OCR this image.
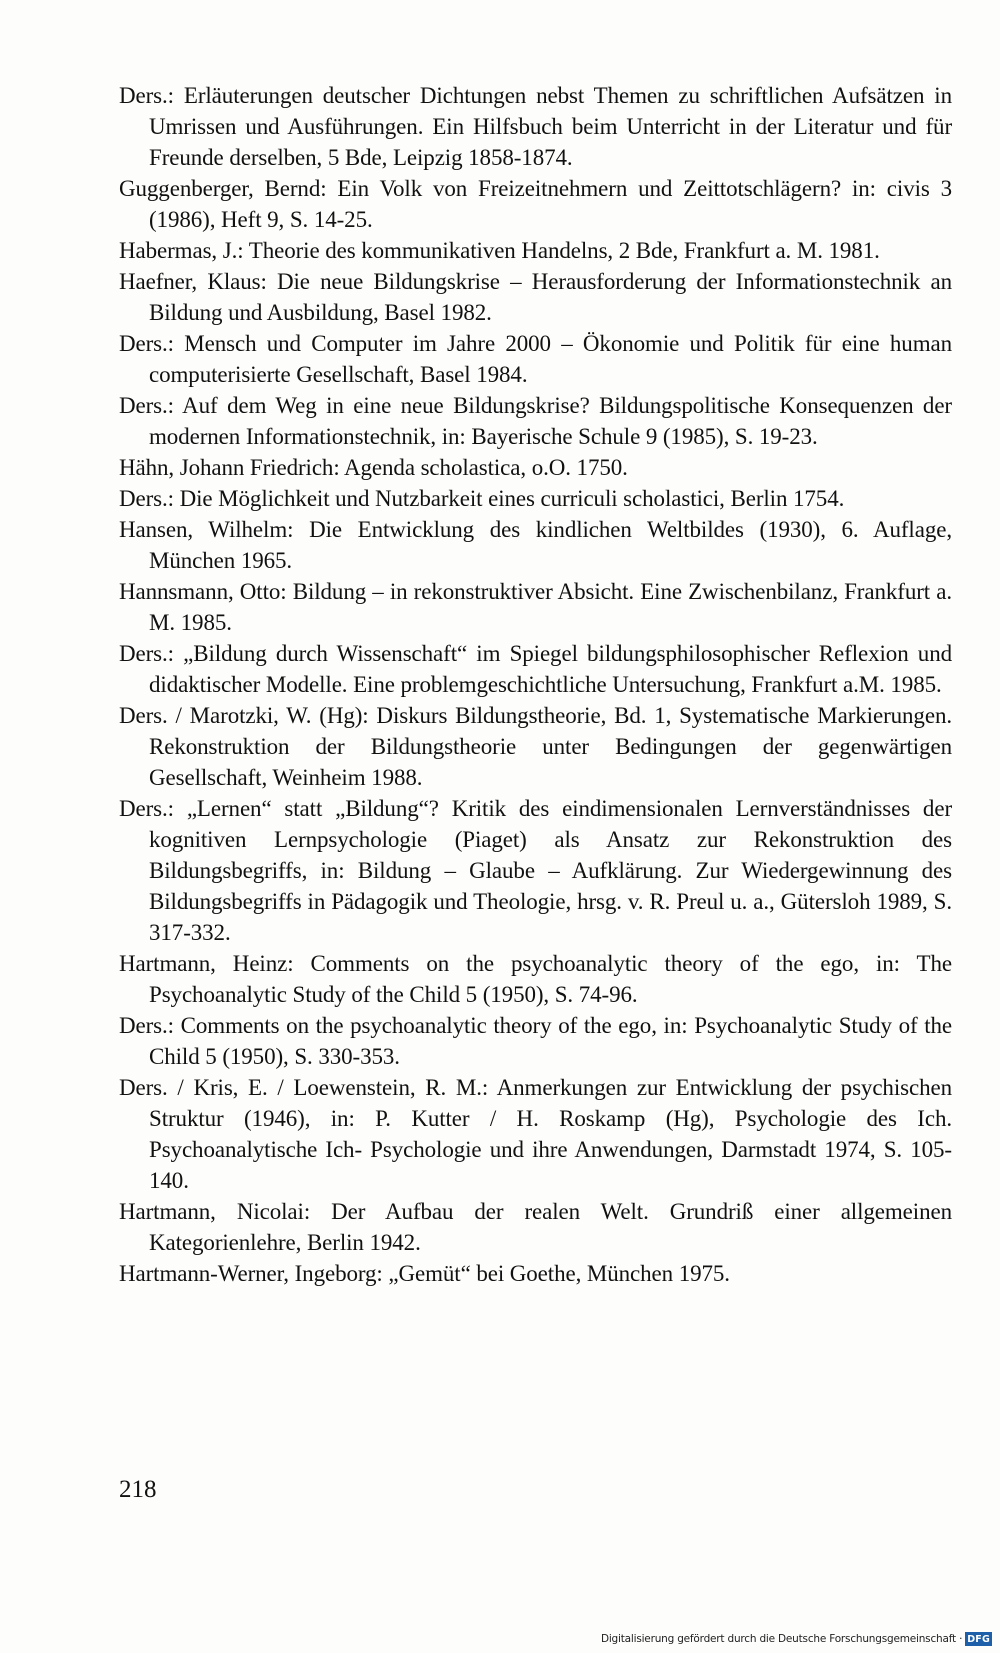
Ders.: Erläuterungen deutscher Dichtungen nebst Themen zu schriftlichen Aufsätzen in Umrissen und Ausführungen. Ein Hilfsbuch beim Unterricht in der Literatur und für Freunde derselben, 5 Bde, Leipzig 1858-1874.
Guggenberger, Bernd: Ein Volk von Freizeitnehmern und Zeittotschlägern? in: civis 3 (1986), Heft 9, S. 14-25.
Habermas, J.: Theorie des kommunikativen Handelns, 2 Bde, Frankfurt a. M. 1981.
Haefner, Klaus: Die neue Bildungskrise – Herausforderung der Informationstechnik an Bildung und Ausbildung, Basel 1982.
Ders.: Mensch und Computer im Jahre 2000 – Ökonomie und Politik für eine human computerisierte Gesellschaft, Basel 1984.
Ders.: Auf dem Weg in eine neue Bildungskrise? Bildungspolitische Konsequenzen der modernen Informationstechnik, in: Bayerische Schule 9 (1985), S. 19-23.
Hähn, Johann Friedrich: Agenda scholastica, o.O. 1750.
Ders.: Die Möglichkeit und Nutzbarkeit eines curriculi scholastici, Berlin 1754.
Hansen, Wilhelm: Die Entwicklung des kindlichen Weltbildes (1930), 6. Auflage, München 1965.
Hannsmann, Otto: Bildung – in rekonstruktiver Absicht. Eine Zwischenbilanz, Frankfurt a. M. 1985.
Ders.: „Bildung durch Wissenschaft“ im Spiegel bildungsphilosophischer Reflexion und didaktischer Modelle. Eine problemgeschichtliche Untersuchung, Frankfurt a.M. 1985.
Ders. / Marotzki, W. (Hg): Diskurs Bildungstheorie, Bd. 1, Systematische Markierungen. Rekonstruktion der Bildungstheorie unter Bedingungen der gegenwärtigen Gesellschaft, Weinheim 1988.
Ders.: „Lernen“ statt „Bildung“? Kritik des eindimensionalen Lernverständnisses der kognitiven Lernpsychologie (Piaget) als Ansatz zur Rekonstruktion des Bildungsbegriffs, in: Bildung – Glaube – Aufklärung. Zur Wiedergewinnung des Bildungsbegriffs in Pädagogik und Theologie, hrsg. v. R. Preul u. a., Gütersloh 1989, S. 317-332.
Hartmann, Heinz: Comments on the psychoanalytic theory of the ego, in: The Psychoanalytic Study of the Child 5 (1950), S. 74-96.
Ders.: Comments on the psychoanalytic theory of the ego, in: Psychoanalytic Study of the Child 5 (1950), S. 330-353.
Ders. / Kris, E. / Loewenstein, R. M.: Anmerkungen zur Entwicklung der psychischen Struktur (1946), in: P. Kutter / H. Roskamp (Hg), Psychologie des Ich. Psychoanalytische Ich- Psychologie und ihre Anwendungen, Darmstadt 1974, S. 105-140.
Hartmann, Nicolai: Der Aufbau der realen Welt. Grundriß einer allgemeinen Kategorienlehre, Berlin 1942.
Hartmann-Werner, Ingeborg: „Gemüt“ bei Goethe, München 1975.

218

Digitalisierung gefördert durch die Deutsche Forschungsgemeinschaft · DFG
